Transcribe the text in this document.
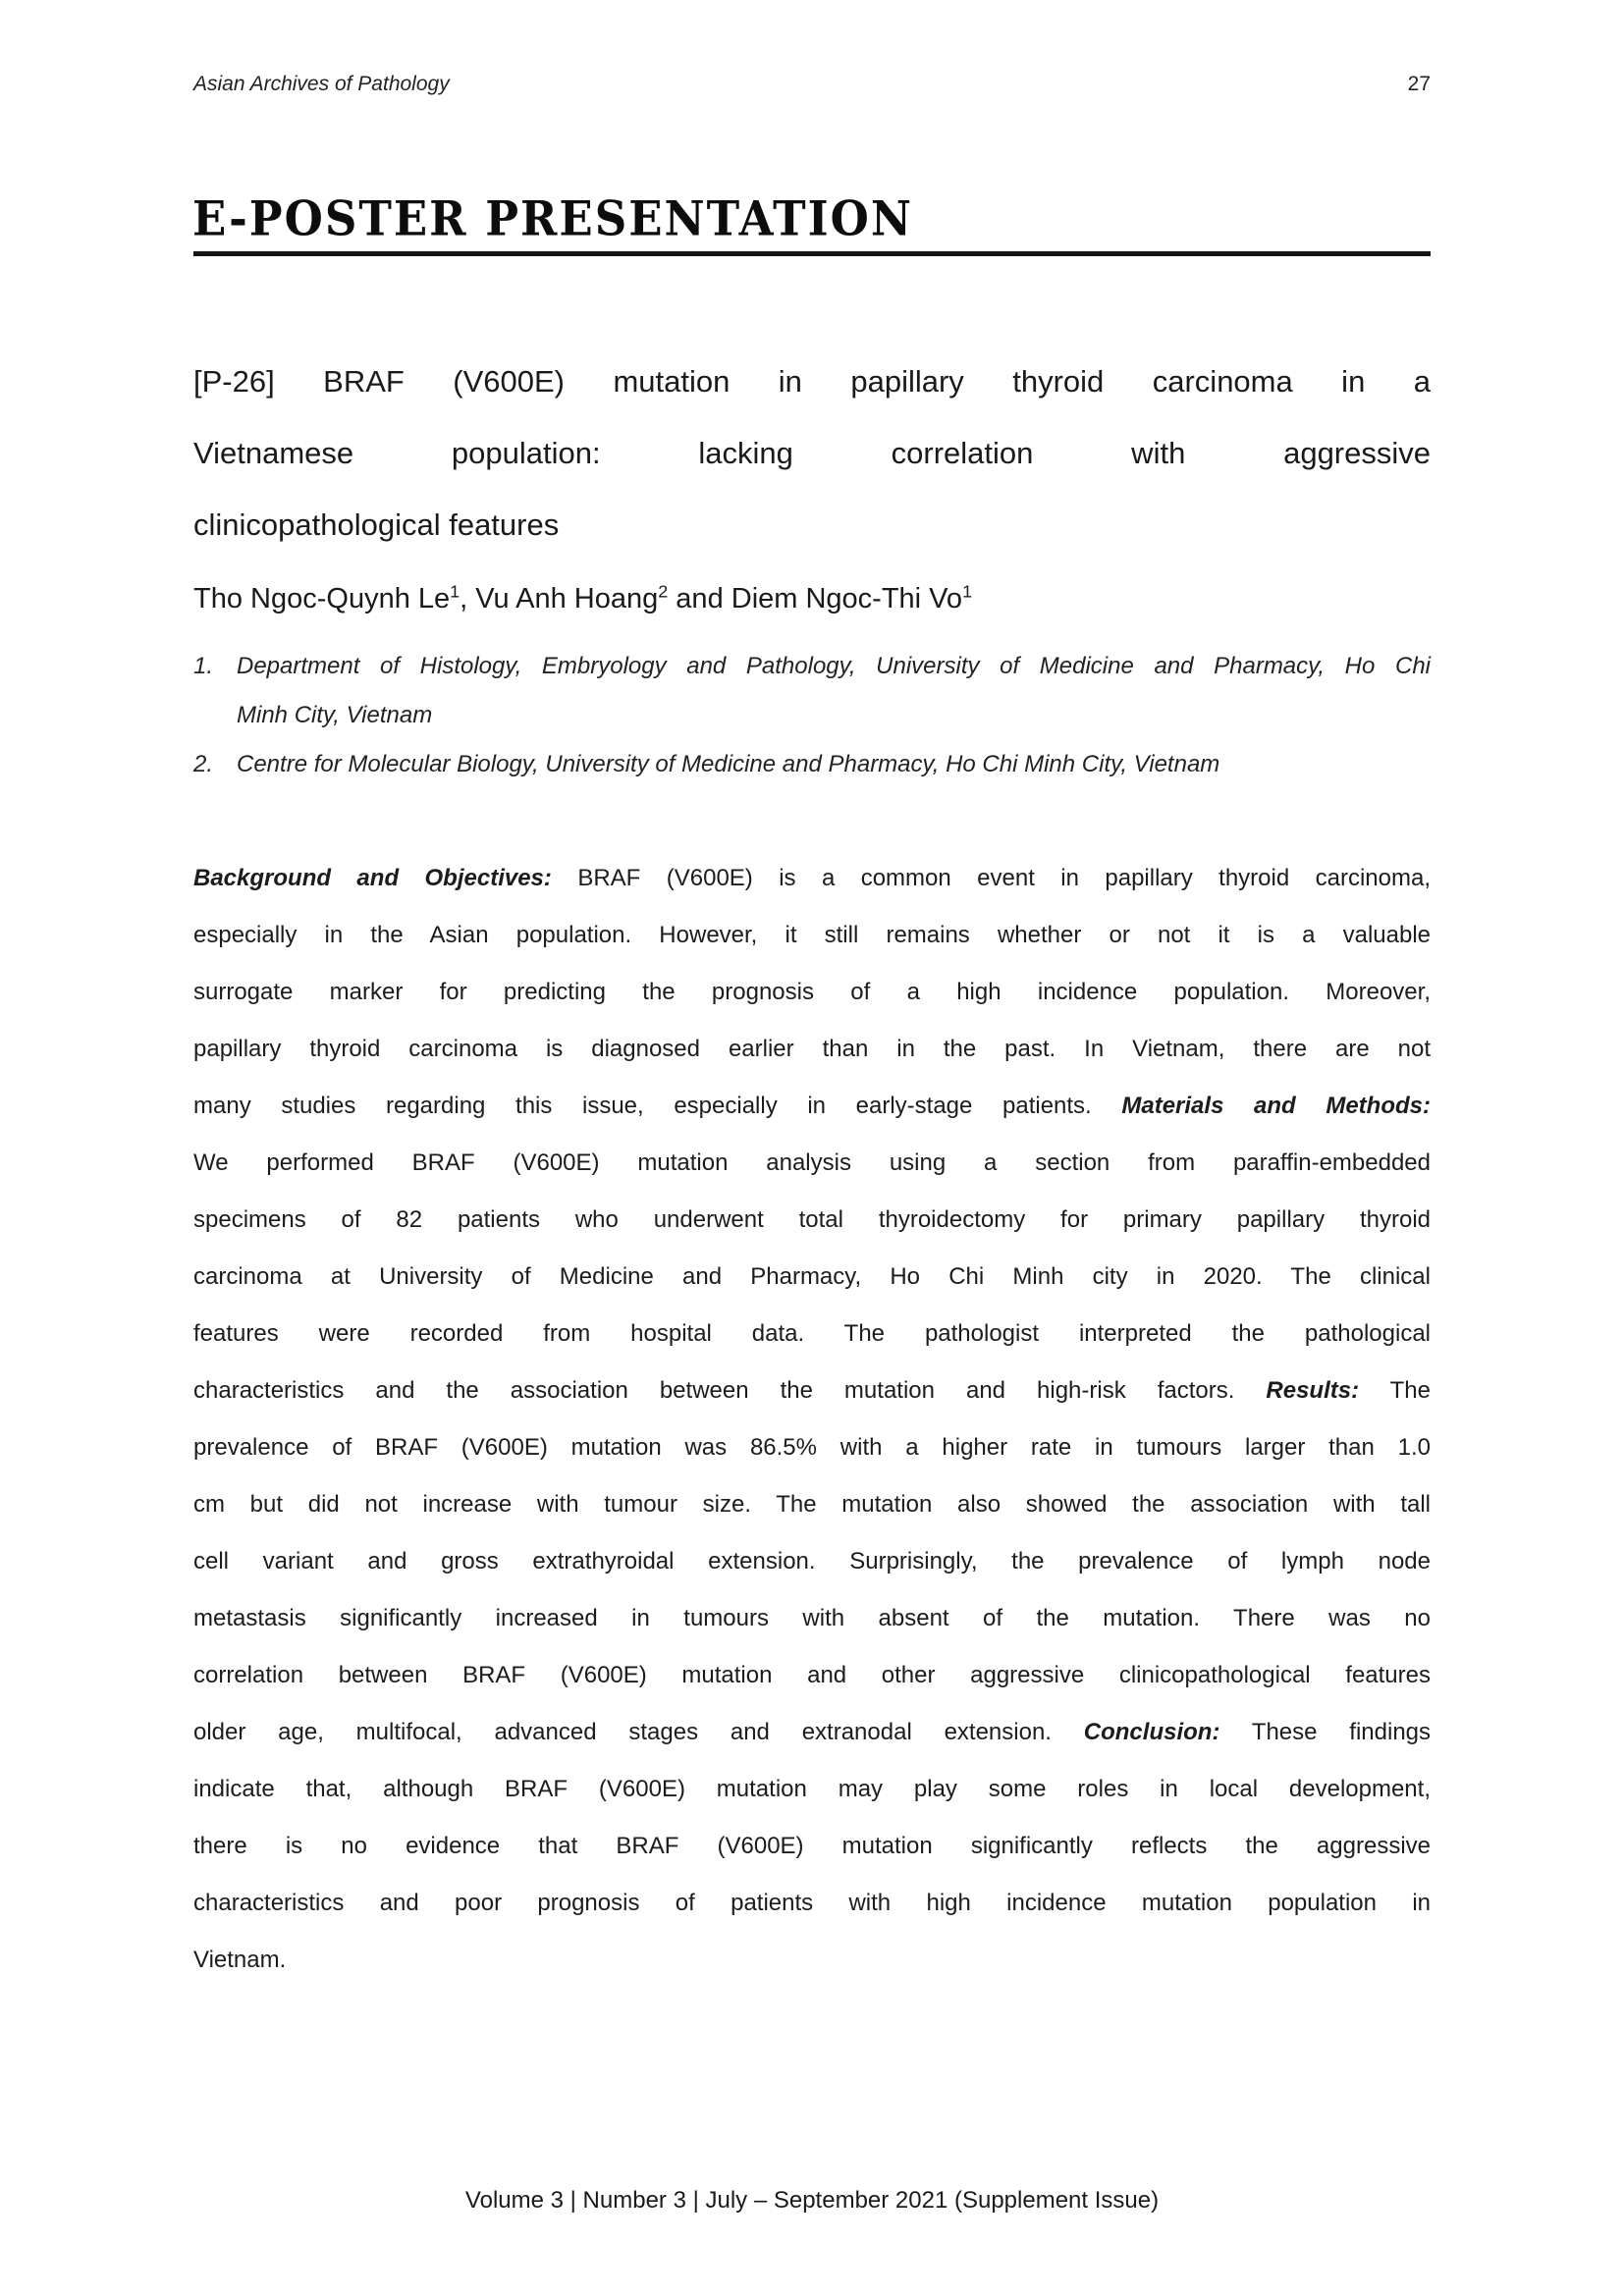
Asian Archives of Pathology	27
E-POSTER PRESENTATION
[P-26] BRAF (V600E) mutation in papillary thyroid carcinoma in a
Vietnamese population: lacking correlation with aggressive
clinicopathological features
Tho Ngoc-Quynh Le$^1$, Vu Anh Hoang$^2$ and Diem Ngoc-Thi Vo$^1$
1. Department of Histology, Embryology and Pathology, University of Medicine and Pharmacy, Ho Chi
Minh City, Vietnam
2. Centre for Molecular Biology, University of Medicine and Pharmacy, Ho Chi Minh City, Vietnam
Background and Objectives: BRAF (V600E) is a common event in papillary thyroid carcinoma,
especially in the Asian population. However, it still remains whether or not it is a valuable
surrogate marker for predicting the prognosis of a high incidence population. Moreover,
papillary thyroid carcinoma is diagnosed earlier than in the past. In Vietnam, there are not
many studies regarding this issue, especially in early-stage patients. Materials and Methods:
We performed BRAF (V600E) mutation analysis using a section from paraffin-embedded
specimens of 82 patients who underwent total thyroidectomy for primary papillary thyroid
carcinoma at University of Medicine and Pharmacy, Ho Chi Minh city in 2020. The clinical
features were recorded from hospital data. The pathologist interpreted the pathological
characteristics and the association between the mutation and high-risk factors. Results: The
prevalence of BRAF (V600E) mutation was 86.5% with a higher rate in tumours larger than 1.0
cm but did not increase with tumour size. The mutation also showed the association with tall
cell variant and gross extrathyroidal extension. Surprisingly, the prevalence of lymph node
metastasis significantly increased in tumours with absent of the mutation. There was no
correlation between BRAF (V600E) mutation and other aggressive clinicopathological features
older age, multifocal, advanced stages and extranodal extension. Conclusion: These findings
indicate that, although BRAF (V600E) mutation may play some roles in local development,
there is no evidence that BRAF (V600E) mutation significantly reflects the aggressive
characteristics and poor prognosis of patients with high incidence mutation population in
Vietnam.
Volume 3 | Number 3 | July – September 2021 (Supplement Issue)
